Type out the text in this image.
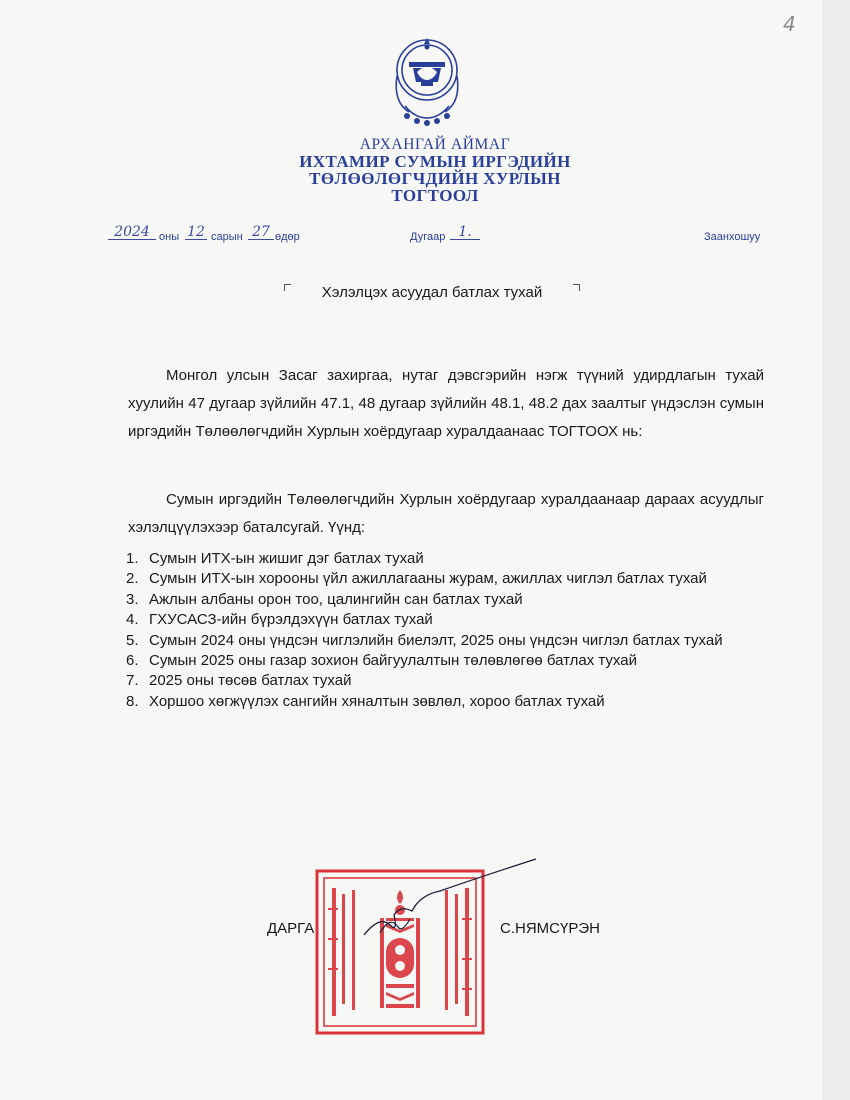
4
АРХАНГАЙ АЙМАГ
ИХТАМИР СУМЫН ИРГЭДИЙН
ТӨЛӨӨЛӨГЧДИЙН ХУРЛЫН
ТОГТООЛ
2024 оны 12 сарын 27 өдөр	Дугаар 1.	Заанхошуу
Хэлэлцэх асуудал батлах тухай
Монгол улсын Засаг захиргаа, нутаг дэвсгэрийн нэгж түүний удирдлагын тухай хуулийн 47 дугаар зүйлийн 47.1, 48 дугаар зүйлийн 48.1, 48.2 дах заалтыг үндэслэн сумын иргэдийн Төлөөлөгчдийн Хурлын хоёрдугаар хуралдаанаас ТОГТООХ нь:
Сумын иргэдийн Төлөөлөгчдийн Хурлын хоёрдугаар хуралдаанаар дараах асуудлыг хэлэлцүүлэхээр баталсугай. Үүнд:
1. Сумын ИТХ-ын жишиг дэг батлах тухай
2. Сумын ИТХ-ын хорооны үйл ажиллагааны журам, ажиллах чиглэл батлах тухай
3. Ажлын албаны орон тоо, цалингийн сан батлах тухай
4. ГХУСАСЗ-ийн бүрэлдэхүүн батлах тухай
5. Сумын 2024 оны үндсэн чиглэлийн биелэлт, 2025 оны үндсэн чиглэл батлах тухай
6. Сумын 2025 оны газар зохион байгуулалтын төлөвлөгөө батлах тухай
7. 2025 оны төсөв батлах тухай
8. Хоршоо хөгжүүлэх сангийн хяналтын зөвлөл, хороо батлах тухай
ДАРГА	С.НЯМСҮРЭН
